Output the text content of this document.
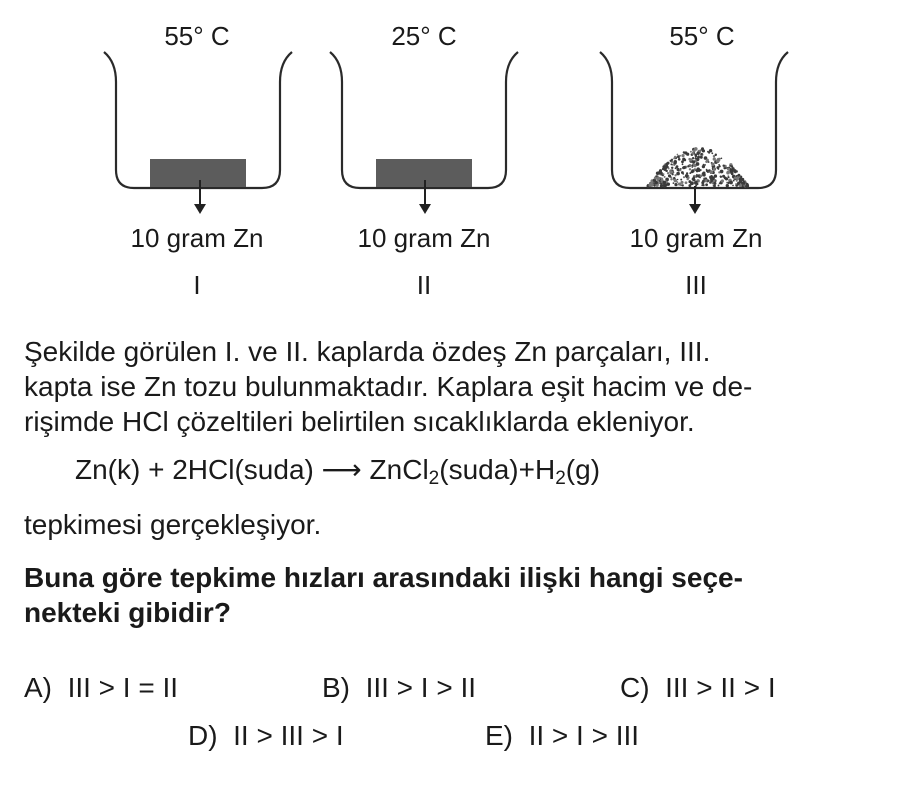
55° C
10 gram Zn
I
25° C
10 gram Zn
II
55° C
10 gram Zn
III
Şekilde görülen I. ve II. kaplarda özdeş Zn parçaları, III.
kapta ise Zn tozu bulunmaktadır. Kaplara eşit hacim ve de-
rişimde HCl çözeltileri belirtilen sıcaklıklarda ekleniyor.
Zn(k) + 2HCl(suda) ⟶ $ZnCl_2(suda)+H_2(g)$
tepkimesi gerçekleşiyor.
Buna göre tepkime hızları arasındaki ilişki hangi seçe-
nekteki gibidir?
A) III > I = II	B) III > I > II	C) III > II > I
D) II > III > I	E) II > I > III
